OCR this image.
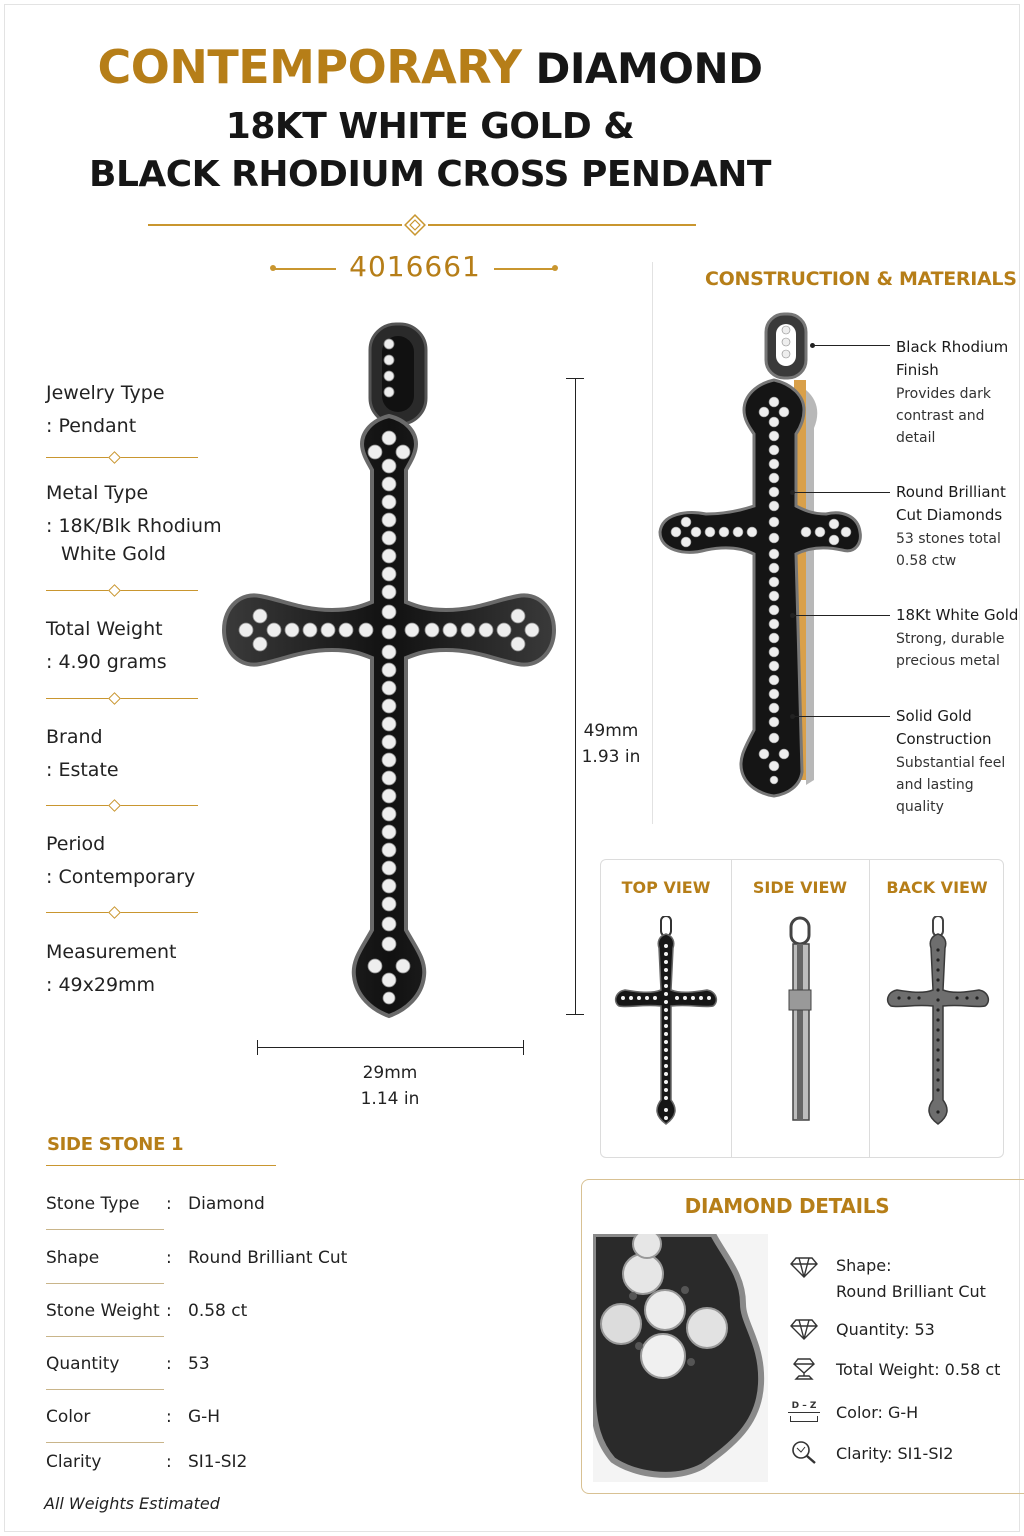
CONTEMPORARY DIAMOND
18KT WHITE GOLD &
BLACK RHODIUM CROSS PENDANT
4016661
Jewelry Type
: Pendant
Metal Type
: 18K/Blk Rhodium
White Gold
Total Weight
: 4.90 grams
Brand
: Estate
Period
: Contemporary
Measurement
: 49x29mm
49mm
1.93 in
29mm
1.14 in
CONSTRUCTION & MATERIALS
Black Rhodium Finish
Provides dark contrast and detail
Round Brilliant Cut Diamonds
53 stones total 0.58 ctw
18Kt White Gold
Strong, durable precious metal
Solid Gold Construction
Substantial feel and lasting quality
TOP VIEW	SIDE VIEW	BACK VIEW
SIDE STONE 1
Stone Type : Diamond
Shape	: Round Brilliant Cut
Stone Weight : 0.58 ct
Quantity	: 53
Color	: G-H
Clarity	: SI1-SI2
DIAMOND DETAILS
Shape:
Round Brilliant Cut
Quantity: 53
Total Weight: 0.58 ct
D – Z Color: G-H
Clarity: SI1-SI2
All Weights Estimated
